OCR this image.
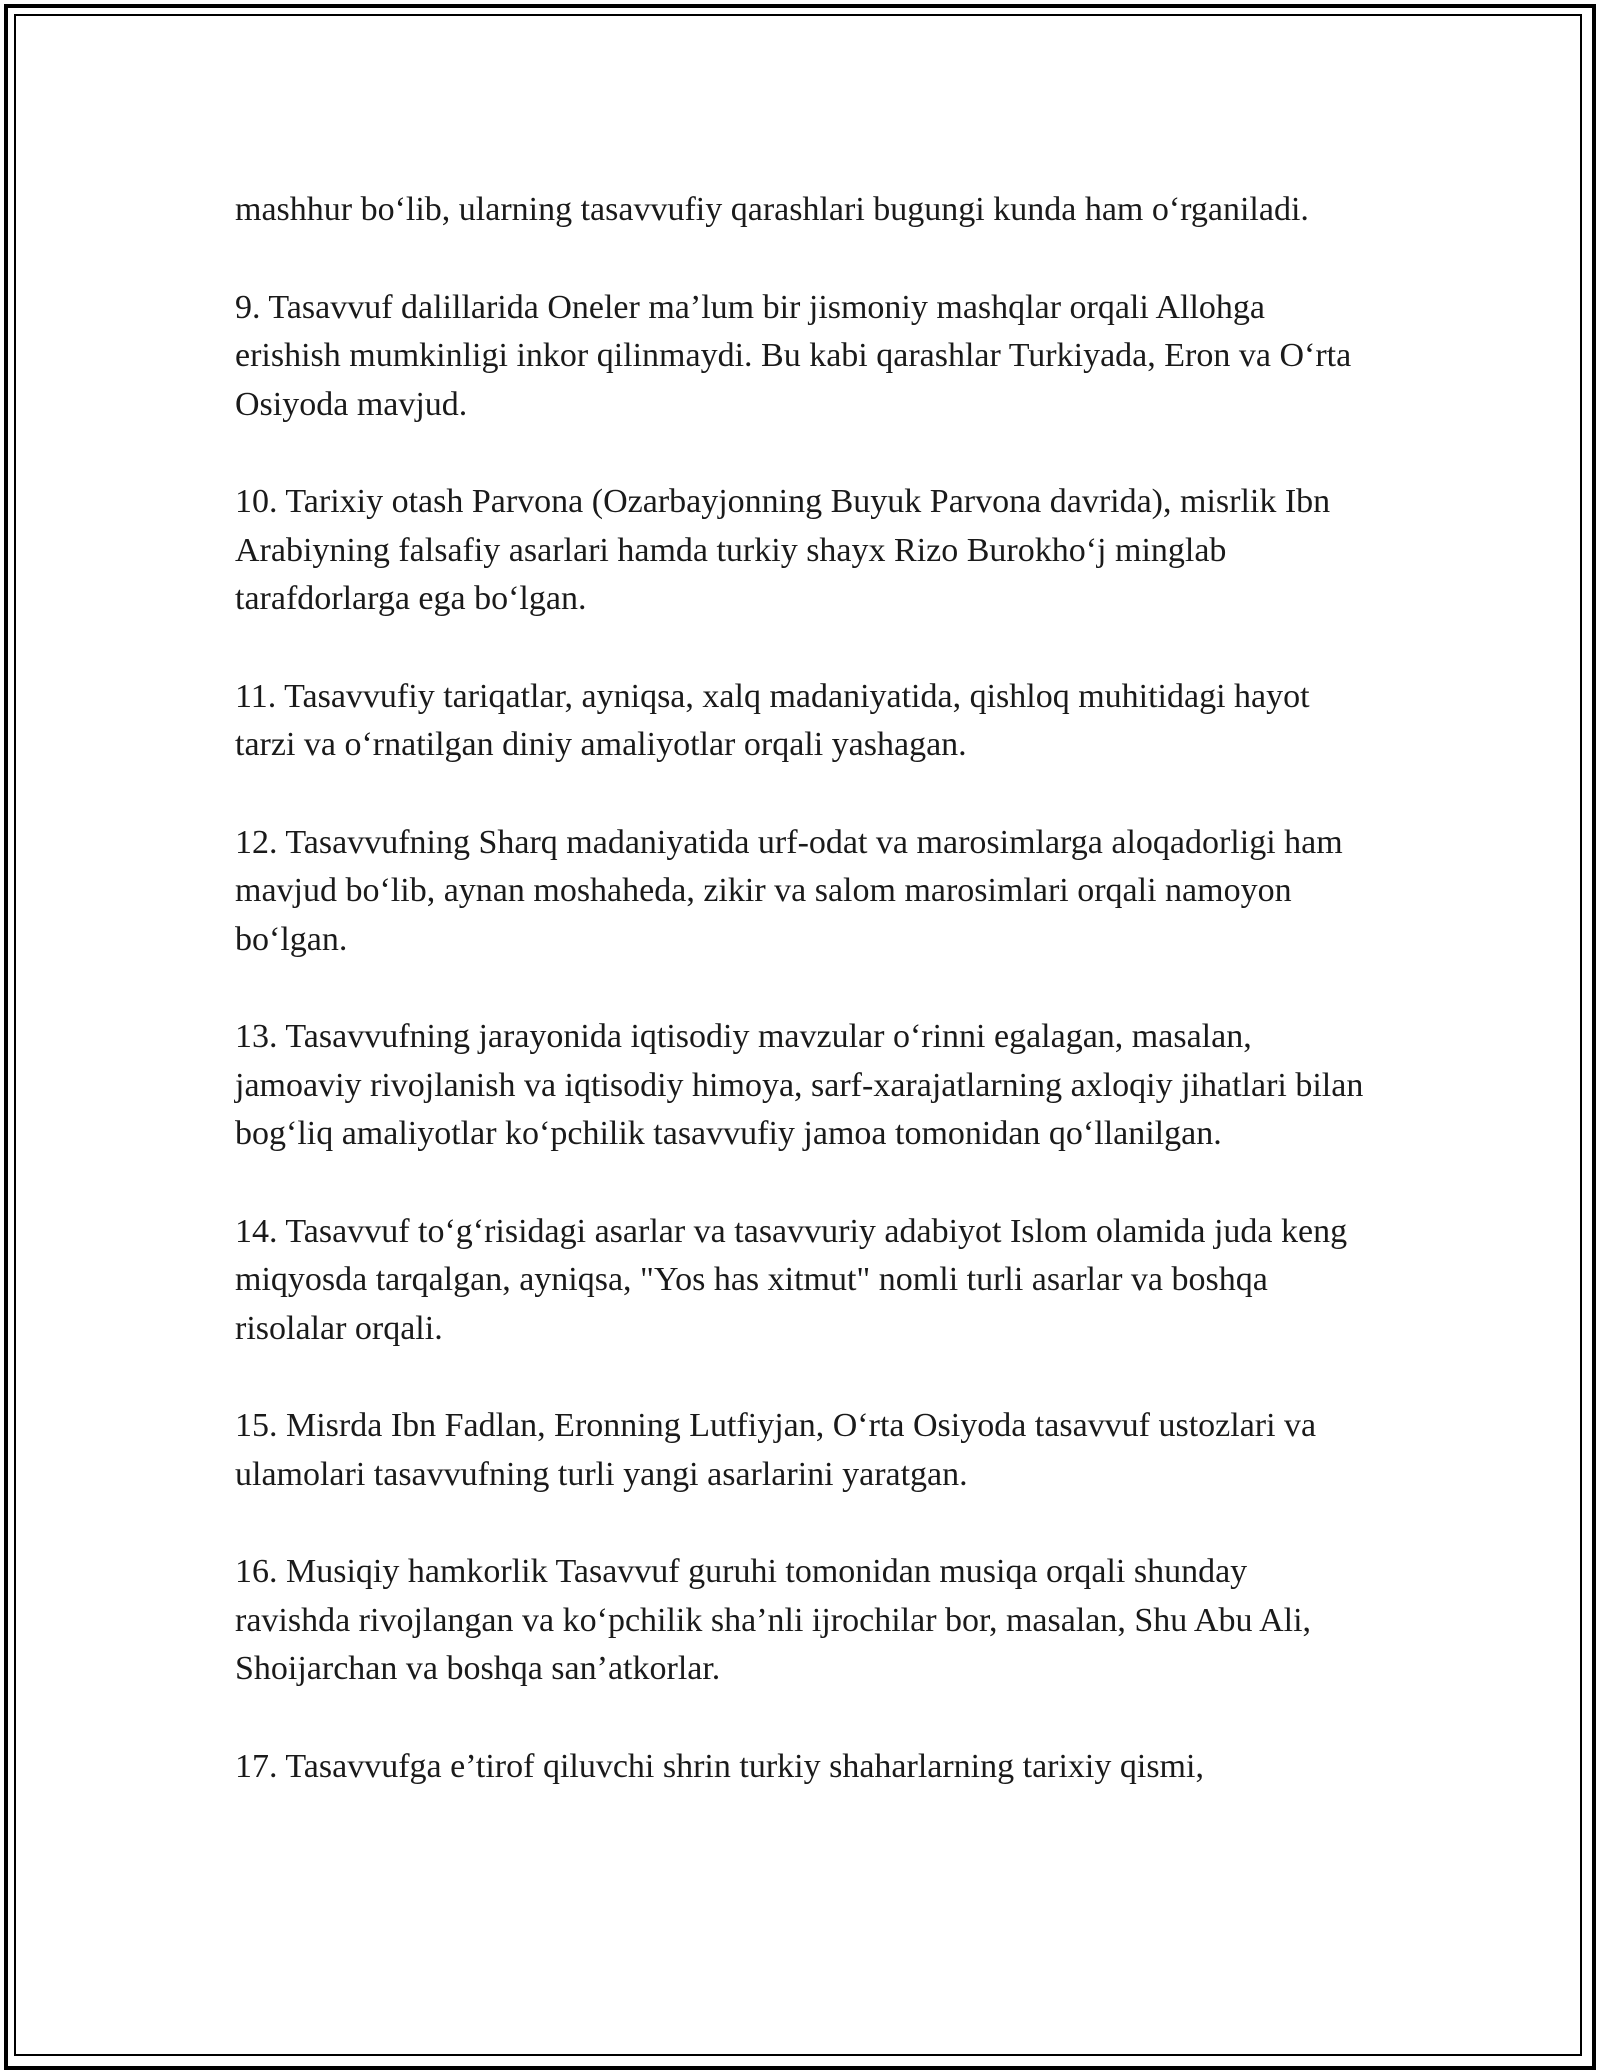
mashhur bo‘lib, ularning tasavvufiy qarashlari bugungi kunda ham o‘rganiladi.

9. Tasavvuf dalillarida Oneler ma’lum bir jismoniy mashqlar orqali Allohga erishish mumkinligi inkor qilinmaydi. Bu kabi qarashlar Turkiyada, Eron va O‘rta Osiyoda mavjud.

10. Tarixiy otash Parvona (Ozarbayjonning Buyuk Parvona davrida), misrlik Ibn Arabiyning falsafiy asarlari hamda turkiy shayx Rizo Burokho‘j minglab tarafdorlarga ega bo‘lgan.

11. Tasavvufiy tariqatlar, ayniqsa, xalq madaniyatida, qishloq muhitidagi hayot tarzi va o‘rnatilgan diniy amaliyotlar orqali yashagan.

12. Tasavvufning Sharq madaniyatida urf-odat va marosimlarga aloqadorligi ham mavjud bo‘lib, aynan moshaheda, zikir va salom marosimlari orqali namoyon bo‘lgan.

13. Tasavvufning jarayonida iqtisodiy mavzular o‘rinni egalagan, masalan, jamoaviy rivojlanish va iqtisodiy himoya, sarf-xarajatlarning axloqiy jihatlari bilan bog‘liq amaliyotlar ko‘pchilik tasavvufiy jamoa tomonidan qo‘llanilgan.

14. Tasavvuf to‘g‘risidagi asarlar va tasavvuriy adabiyot Islom olamida juda keng miqyosda tarqalgan, ayniqsa, "Yos has xitmut" nomli turli asarlar va boshqa risolalar orqali.

15. Misrda Ibn Fadlan, Eronning Lutfiyjan, O‘rta Osiyoda tasavvuf ustozlari va ulamolari tasavvufning turli yangi asarlarini yaratgan.

16. Musiqiy hamkorlik Tasavvuf guruhi tomonidan musiqa orqali shunday ravishda rivojlangan va ko‘pchilik sha’nli ijrochilar bor, masalan, Shu Abu Ali, Shoijarchan va boshqa san’atkorlar.

17. Tasavvufga e’tirof qiluvchi shrin turkiy shaharlarning tarixiy qismi,
